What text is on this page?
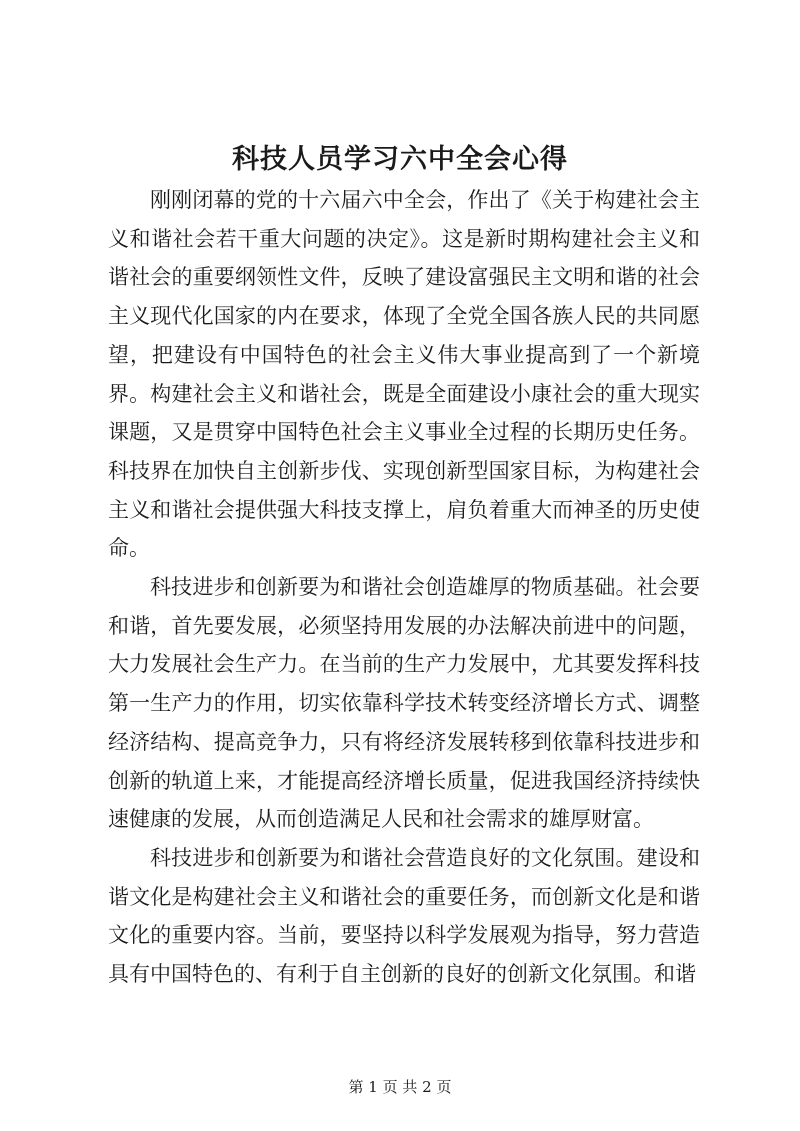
科技人员学习六中全会心得

刚刚闭幕的党的十六届六中全会，作出了《关于构建社会主义和谐社会若干重大问题的决定》。这是新时期构建社会主义和谐社会的重要纲领性文件，反映了建设富强民主文明和谐的社会主义现代化国家的内在要求，体现了全党全国各族人民的共同愿望，把建设有中国特色的社会主义伟大事业提高到了一个新境界。构建社会主义和谐社会，既是全面建设小康社会的重大现实课题，又是贯穿中国特色社会主义事业全过程的长期历史任务。科技界在加快自主创新步伐、实现创新型国家目标，为构建社会主义和谐社会提供强大科技支撑上，肩负着重大而神圣的历史使命。

科技进步和创新要为和谐社会创造雄厚的物质基础。社会要和谐，首先要发展，必须坚持用发展的办法解决前进中的问题，大力发展社会生产力。在当前的生产力发展中，尤其要发挥科技第一生产力的作用，切实依靠科学技术转变经济增长方式、调整经济结构、提高竞争力，只有将经济发展转移到依靠科技进步和创新的轨道上来，才能提高经济增长质量，促进我国经济持续快速健康的发展，从而创造满足人民和社会需求的雄厚财富。

科技进步和创新要为和谐社会营造良好的文化氛围。建设和谐文化是构建社会主义和谐社会的重要任务，而创新文化是和谐文化的重要内容。当前，要坚持以科学发展观为指导，努力营造具有中国特色的、有利于自主创新的良好的创新文化氛围。和谐

第 1 页 共 2 页
